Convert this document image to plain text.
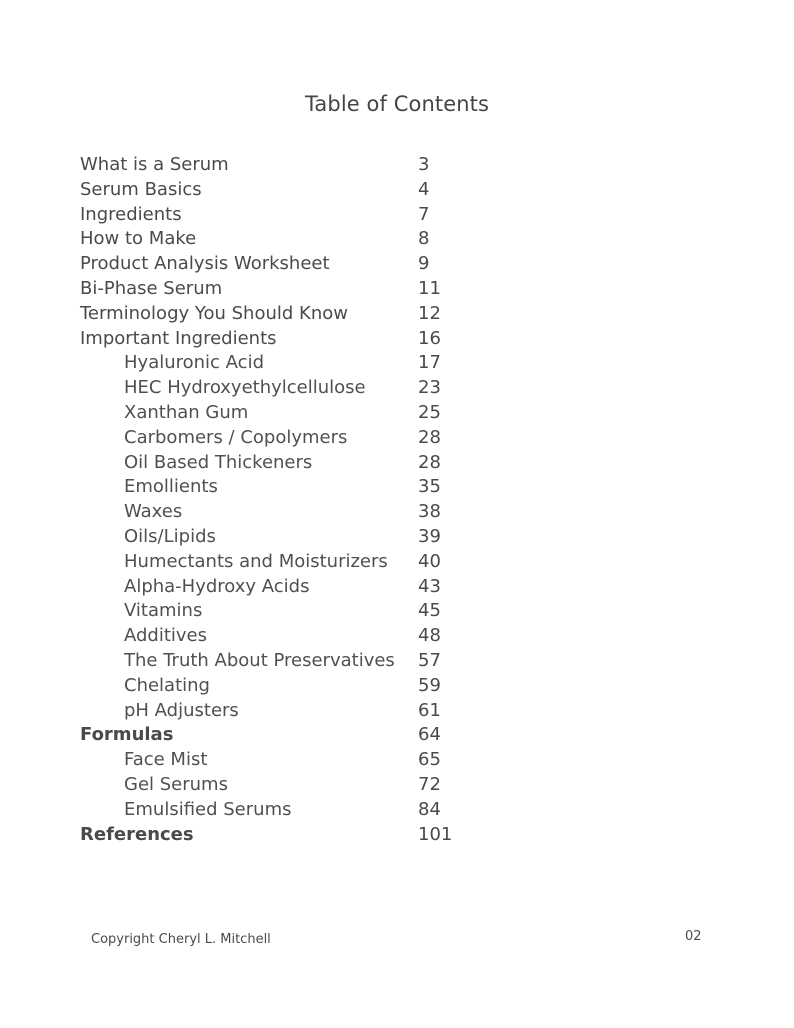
Table of Contents
What is a Serum	3
Serum Basics	4
Ingredients	7
How to Make	8
Product Analysis Worksheet	9
Bi-Phase Serum	11
Terminology You Should Know	12
Important Ingredients	16
Hyaluronic Acid	17
HEC Hydroxyethylcellulose	23
Xanthan Gum	25
Carbomers / Copolymers	28
Oil Based Thickeners	28
Emollients	35
Waxes	38
Oils/Lipids	39
Humectants and Moisturizers 40
Alpha-Hydroxy Acids	43
Vitamins	45
Additives	48
The Truth About Preservatives 57
Chelating	59
pH Adjusters	61
Formulas	64
Face Mist	65
Gel Serums	72
Emulsified Serums	84
References	101
Copyright Cheryl L. Mitchell	02
